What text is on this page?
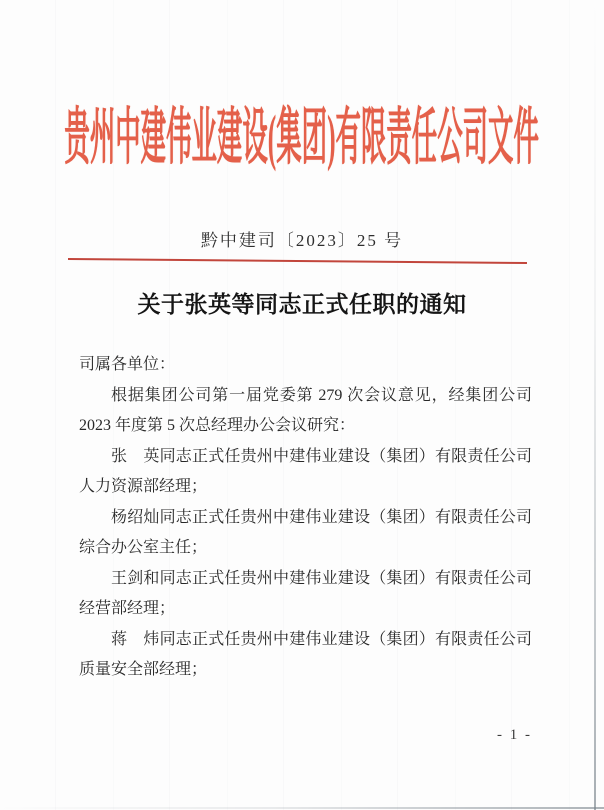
贵州中建伟业建设(集团)有限责任公司文件
黔中建司〔2023〕25 号
关于张英等同志正式任职的通知

司属各单位：

根据集团公司第一届党委第 279 次会议意见，经集团公司 2023 年度第 5 次总经理办公会议研究：

张　英同志正式任贵州中建伟业建设（集团）有限责任公司人力资源部经理；

杨绍灿同志正式任贵州中建伟业建设（集团）有限责任公司综合办公室主任；

王剑和同志正式任贵州中建伟业建设（集团）有限责任公司经营部经理；

蒋　炜同志正式任贵州中建伟业建设（集团）有限责任公司质量安全部经理；

- 1 -
